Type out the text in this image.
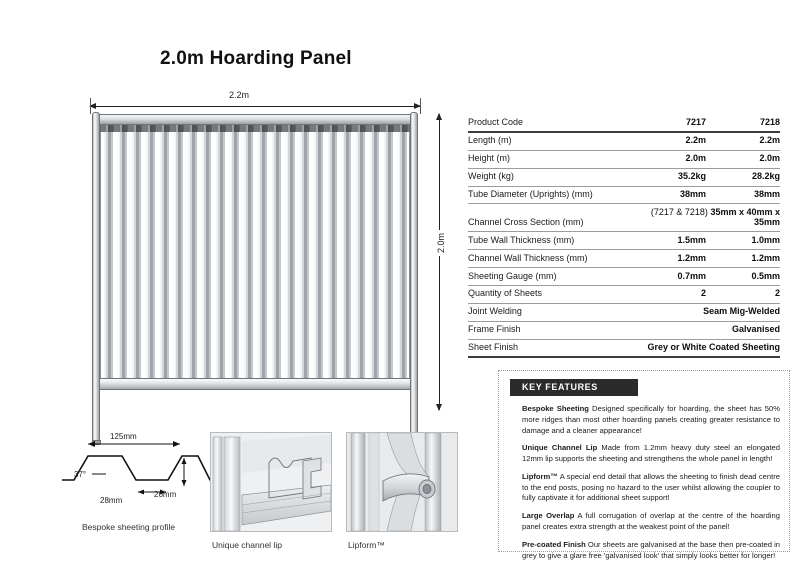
2.0m Hoarding Panel
2.2m
2.0m
125mm
37°
28mm
26mm
Bespoke sheeting profile
Unique channel lip	Lipform™
Product Code	7217	7218
Length (m)	2.2m	2.2m
Height (m)	2.0m	2.0m
Weight (kg)	35.2kg	28.2kg
Tube Diameter (Uprights) (mm)	38mm	38mm
Channel Cross Section (mm)	(7217 & 7218) 35mm x 40mm x 35mm	
Tube Wall Thickness (mm)	1.5mm	1.0mm
Channel Wall Thickness (mm)	1.2mm	1.2mm
Sheeting Gauge (mm)	0.7mm	0.5mm
Quantity of Sheets	2	2
Joint Welding	Seam Mig-Welded	
Frame Finish	Galvanised	
Sheet Finish	Grey or White Coated Sheeting	
KEY FEATURES
Bespoke Sheeting Designed specifically for hoarding, the sheet has 50% more ridges than most other hoarding panels creating greater resistance to damage and a cleaner appearance!
Unique Channel Lip Made from 1.2mm heavy duty steel an elongated 12mm lip supports the sheeting and strengthens the whole panel in length!
Lipform™ A special end detail that allows the sheeting to finish dead centre to the end posts, posing no hazard to the user whilst allowing the coupler to fully captivate it for additional sheet support!
Large Overlap A full corrugation of overlap at the centre of the hoarding panel creates extra strength at the weakest point of the panel!
Pre-coated Finish Our sheets are galvanised at the base then pre-coated in grey to give a glare free 'galvanised look' that simply looks better for longer!
